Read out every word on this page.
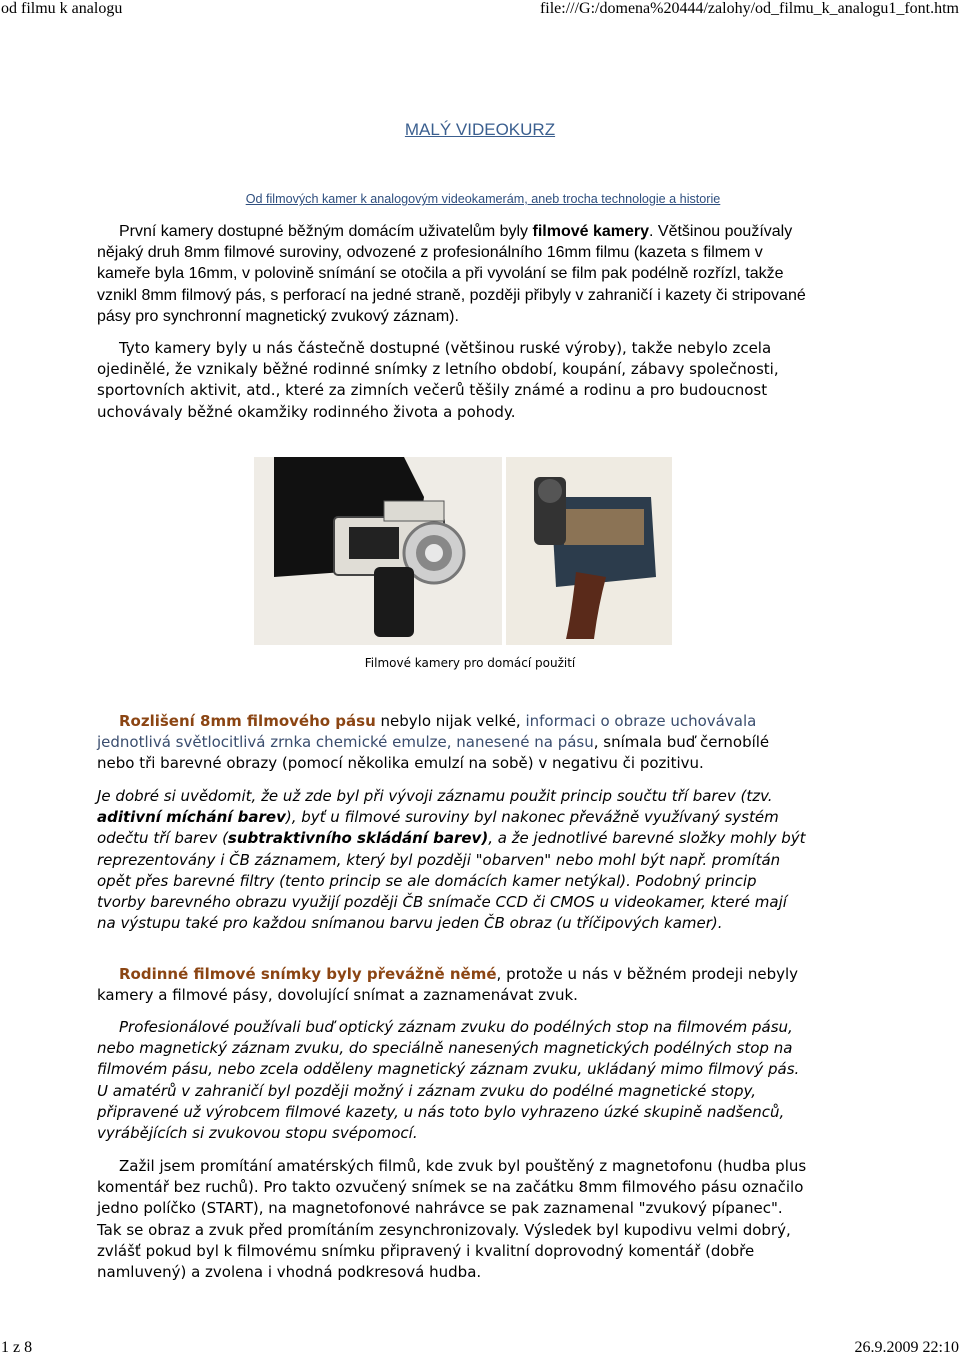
od filmu k analogu	file:///G:/domena%20444/zalohy/od_filmu_k_analogu1_font.htm
MALÝ VIDEOKURZ
Od filmových kamer k analogovým videokamerám, aneb trocha technologie a historie
První kamery dostupné běžným domácím uživatelům byly filmové kamery. Většinou používaly nějaký druh 8mm filmové suroviny, odvozené z profesionálního 16mm filmu (kazeta s filmem v kameře byla 16mm, v polovině snímání se otočila a při vyvolání se film pak podélně rozřízl, takže vznikl 8mm filmový pás, s perforací na jedné straně, později přibyly v zahraničí i kazety či stripované pásy pro synchronní magnetický zvukový záznam).
Tyto kamery byly u nás částečně dostupné (většinou ruské výroby), takže nebylo zcela ojedinělé, že vznikaly běžné rodinné snímky z letního období, koupání, zábavy společnosti, sportovních aktivit, atd., které za zimních večerů těšily známé a rodinu a pro budoucnost uchovávaly běžné okamžiky rodinného života a pohody.
Filmové kamery pro domácí použití
Rozlišení 8mm filmového pásu nebylo nijak velké, informaci o obraze uchovávala jednotlivá světlocitlivá zrnka chemické emulze, nanesené na pásu, snímala buď černobílé nebo tři barevné obrazy (pomocí několika emulzí na sobě) v negativu či pozitivu.
Je dobré si uvědomit, že už zde byl při vývoji záznamu použit princip součtu tří barev (tzv. aditivní míchání barev), byť u filmové suroviny byl nakonec převážně využívaný systém odečtu tří barev (subtraktivního skládání barev), a že jednotlivé barevné složky mohly být reprezentovány i ČB záznamem, který byl později "obarven" nebo mohl být např. promítán opět přes barevné filtry (tento princip se ale domácích kamer netýkal). Podobný princip tvorby barevného obrazu využijí později ČB snímače CCD či CMOS u videokamer, které mají na výstupu také pro každou snímanou barvu jeden ČB obraz (u tříčipových kamer).
Rodinné filmové snímky byly převážně němé, protože u nás v běžném prodeji nebyly kamery a filmové pásy, dovolující snímat a zaznamenávat zvuk.
Profesionálové používali buď optický záznam zvuku do podélných stop na filmovém pásu, nebo magnetický záznam zvuku, do speciálně nanesených magnetických podélných stop na filmovém pásu, nebo zcela odděleny magnetický záznam zvuku, ukládaný mimo filmový pás. U amatérů v zahraničí byl později možný i záznam zvuku do podélné magnetické stopy, připravené už výrobcem filmové kazety, u nás toto bylo vyhrazeno úzké skupině nadšenců, vyrábějících si zvukovou stopu svépomocí.
Zažil jsem promítání amatérských filmů, kde zvuk byl pouštěný z magnetofonu (hudba plus komentář bez ruchů). Pro takto ozvučený snímek se na začátku 8mm filmového pásu označilo jedno políčko (START), na magnetofonové nahrávce se pak zaznamenal "zvukový pípanec". Tak se obraz a zvuk před promítáním zesynchronizovaly. Výsledek byl kupodivu velmi dobrý, zvlášť pokud byl k filmovému snímku připravený i kvalitní doprovodný komentář (dobře namluvený) a zvolena i vhodná podkresová hudba.
1 z 8	26.9.2009 22:10
